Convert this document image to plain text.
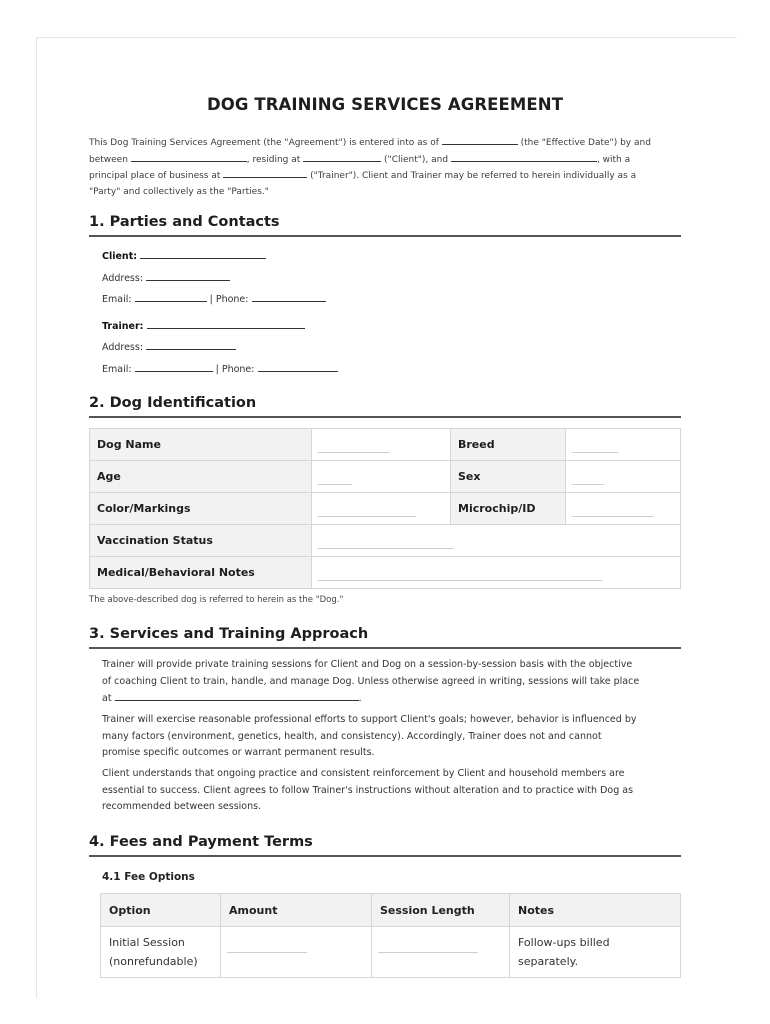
DOG TRAINING SERVICES AGREEMENT
This Dog Training Services Agreement (the "Agreement") is entered into as of	(the "Effective Date") by and
between	, residing at	("Client"), and	, with a
principal place of business at	("Trainer"). Client and Trainer may be referred to herein individually as a
"Party" and collectively as the "Parties."
1. Parties and Contacts
Client:
Address:
Email:	| Phone:
Trainer:
Address:
Email:	| Phone:
2. Dog Identification
Dog Name		Breed	

Age		Sex	

Color/Markings		Microchip/ID	

Vaccination Status			

Medical/Behavioral Notes			
The above-described dog is referred to herein as the "Dog."
3. Services and Training Approach
Trainer will provide private training sessions for Client and Dog on a session-by-session basis with the objective
of coaching Client to train, handle, and manage Dog. Unless otherwise agreed in writing, sessions will take place
at	.
Trainer will exercise reasonable professional efforts to support Client's goals; however, behavior is influenced by
many factors (environment, genetics, health, and consistency). Accordingly, Trainer does not and cannot
promise specific outcomes or warrant permanent results.
Client understands that ongoing practice and consistent reinforcement by Client and household members are
essential to success. Client agrees to follow Trainer's instructions without alteration and to practice with Dog as
recommended between sessions.
4. Fees and Payment Terms
4.1 Fee Options
Option	Amount	Session Length	Notes
Initial Session
(nonrefundable)			Follow-ups billed
separately.
